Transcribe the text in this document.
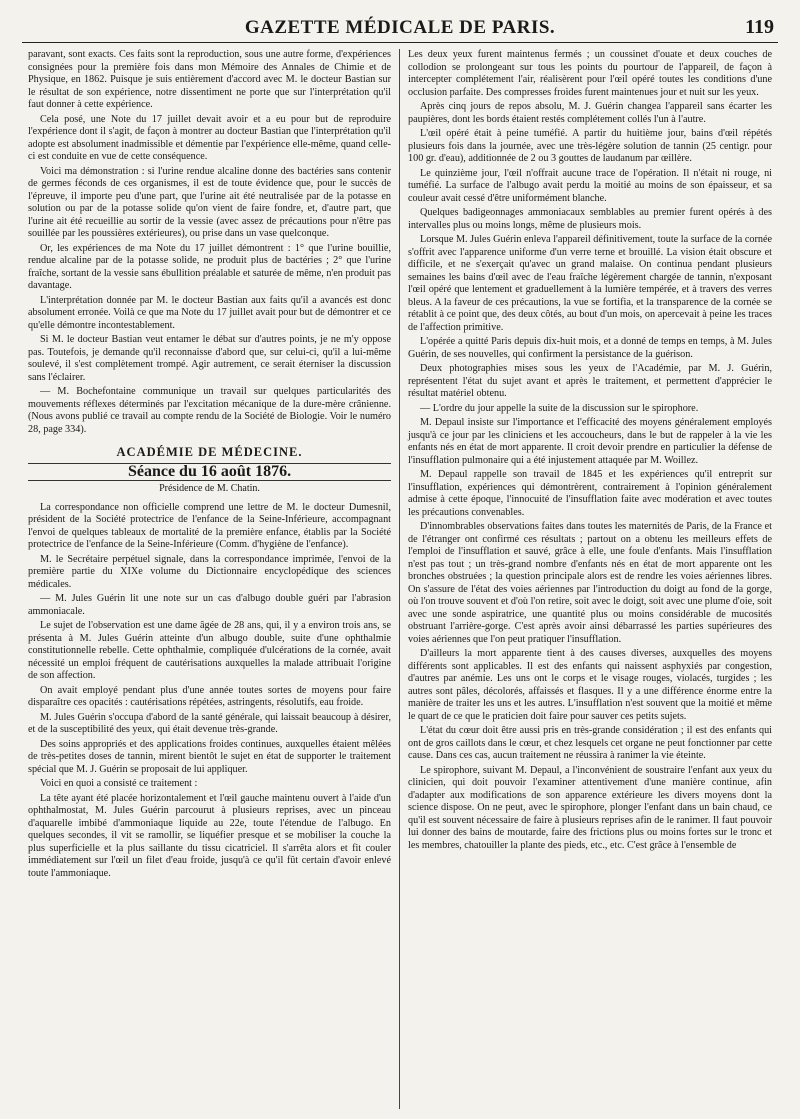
GAZETTE MÉDICALE DE PARIS.	119

paravant, sont exacts. Ces faits sont la reproduction, sous une autre forme, d'expériences consignées pour la première fois dans mon Mémoire des Annales de Chimie et de Physique, en 1862. Puisque je suis entièrement d'accord avec M. le docteur Bastian sur le résultat de son expérience, notre dissentiment ne porte que sur l'interprétation qu'il faut donner à cette expérience.

Cela posé, une Note du 17 juillet devait avoir et a eu pour but de reproduire l'expérience dont il s'agit, de façon à montrer au docteur Bastian que l'interprétation qu'il adopte est absolument inadmissible et démentie par l'expérience elle-même, quand celle-ci est conduite en vue de cette conséquence.

Voici ma démonstration : si l'urine rendue alcaline donne des bactéries sans contenir de germes féconds de ces organismes, il est de toute évidence que, pour le succès de l'épreuve, il importe peu d'une part, que l'urine ait été neutralisée par de la potasse en solution ou par de la potasse solide qu'on vient de faire fondre, et, d'autre part, que l'urine ait été recueillie au sortir de la vessie (avec assez de précautions pour n'être pas souillée par les poussières extérieures), ou prise dans un vase quelconque.

Or, les expériences de ma Note du 17 juillet démontrent : 1° que l'urine bouillie, rendue alcaline par de la potasse solide, ne produit plus de bactéries ; 2° que l'urine fraîche, sortant de la vessie sans ébullition préalable et saturée de même, n'en produit pas davantage.

L'interprétation donnée par M. le docteur Bastian aux faits qu'il a avancés est donc absolument erronée. Voilà ce que ma Note du 17 juillet avait pour but de démontrer et ce qu'elle démontre incontestablement.

Si M. le docteur Bastian veut entamer le débat sur d'autres points, je ne m'y oppose pas. Toutefois, je demande qu'il reconnaisse d'abord que, sur celui-ci, qu'il a lui-même soulevé, il s'est complètement trompé. Agir autrement, ce serait éterniser la discussion sans l'éclairer.

— M. Bochefontaine communique un travail sur quelques particularités des mouvements réflexes déterminés par l'excitation mécanique de la dure-mère crânienne. (Nous avons publié ce travail au compte rendu de la Société de Biologie. Voir le numéro 28, page 334).

ACADÉMIE DE MÉDECINE.
Séance du 16 août 1876.
Présidence de M. Chatin.

La correspondance non officielle comprend une lettre de M. le docteur Dumesnil, président de la Société protectrice de l'enfance de la Seine-Inférieure, accompagnant l'envoi de quelques tableaux de mortalité de la première enfance, établis par la Société protectrice de l'enfance de la Seine-Inférieure (Comm. d'hygiène de l'enfance).

M. le Secrétaire perpétuel signale, dans la correspondance imprimée, l'envoi de la première partie du XIXe volume du Dictionnaire encyclopédique des sciences médicales.

— M. Jules Guérin lit une note sur un cas d'albugo double guéri par l'abrasion ammoniacale.

Le sujet de l'observation est une dame âgée de 28 ans, qui, il y a environ trois ans, se présenta à M. Jules Guérin atteinte d'un albugo double, suite d'une ophthalmie constitutionnelle rebelle. Cette ophthalmie, compliquée d'ulcérations de la cornée, avait nécessité un emploi fréquent de cautérisations auxquelles la malade attribuait l'origine de son affection.

On avait employé pendant plus d'une année toutes sortes de moyens pour faire disparaître ces opacités : cautérisations répétées, astringents, résolutifs, eau froide.

M. Jules Guérin s'occupa d'abord de la santé générale, qui laissait beaucoup à désirer, et de la susceptibilité des yeux, qui était devenue très-grande.

Des soins appropriés et des applications froides continues, auxquelles étaient mêlées de très-petites doses de tannin, mirent bientôt le sujet en état de supporter le traitement spécial que M. J. Guérin se proposait de lui appliquer.

Voici en quoi a consisté ce traitement :

La tête ayant été placée horizontalement et l'œil gauche maintenu ouvert à l'aide d'un ophthalmostat, M. Jules Guérin parcourut à plusieurs reprises, avec un pinceau d'aquarelle imbibé d'ammoniaque liquide au 22e, toute l'étendue de l'albugo. En quelques secondes, il vit se ramollir, se liquéfier presque et se mobiliser la couche la plus superficielle et la plus saillante du tissu cicatriciel. Il s'arrêta alors et fit couler immédiatement sur l'œil un filet d'eau froide, jusqu'à ce qu'il fût certain d'avoir enlevé toute l'ammoniaque.

Les deux yeux furent maintenus fermés ; un coussinet d'ouate et deux couches de collodion se prolongeant sur tous les points du pourtour de l'appareil, de façon à intercepter complétement l'air, réalisèrent pour l'œil opéré toutes les conditions d'une occlusion parfaite. Des compresses froides furent maintenues jour et nuit sur les yeux.

Après cinq jours de repos absolu, M. J. Guérin changea l'appareil sans écarter les paupières, dont les bords étaient restés complétement collés l'un à l'autre.

L'œil opéré était à peine tuméfié. A partir du huitième jour, bains d'œil répétés plusieurs fois dans la journée, avec une très-légère solution de tannin (25 centigr. pour 100 gr. d'eau), additionnée de 2 ou 3 gouttes de laudanum par œillère.

Le quinzième jour, l'œil n'offrait aucune trace de l'opération. Il n'était ni rouge, ni tuméfié. La surface de l'albugo avait perdu la moitié au moins de son épaisseur, et sa couleur avait cessé d'être uniformément blanche.

Quelques badigeonnages ammoniacaux semblables au premier furent opérés à des intervalles plus ou moins longs, même de plusieurs mois.

Lorsque M. Jules Guérin enleva l'appareil définitivement, toute la surface de la cornée s'offrit avec l'apparence uniforme d'un verre terne et brouillé. La vision était obscure et difficile, et ne s'exerçait qu'avec un grand malaise. On continua pendant plusieurs semaines les bains d'œil avec de l'eau fraîche légèrement chargée de tannin, n'exposant l'œil opéré que lentement et graduellement à la lumière tempérée, et à travers des verres bleus. A la faveur de ces précautions, la vue se fortifia, et la transparence de la cornée se rétablit à ce point que, des deux côtés, au bout d'un mois, on apercevait à peine les traces de l'affection primitive.

L'opérée a quitté Paris depuis dix-huit mois, et a donné de temps en temps, à M. Jules Guérin, de ses nouvelles, qui confirment la persistance de la guérison.

Deux photographies mises sous les yeux de l'Académie, par M. J. Guérin, représentent l'état du sujet avant et après le traitement, et permettent d'apprécier le résultat matériel obtenu.

— L'ordre du jour appelle la suite de la discussion sur le spirophore.

M. Depaul insiste sur l'importance et l'efficacité des moyens généralement employés jusqu'à ce jour par les cliniciens et les accoucheurs, dans le but de rappeler à la vie les enfants nés en état de mort apparente. Il croit devoir prendre en particulier la défense de l'insufflation pulmonaire qui a été injustement attaquée par M. Woillez.

M. Depaul rappelle son travail de 1845 et les expériences qu'il entreprit sur l'insufflation, expériences qui démontrèrent, contrairement à l'opinion généralement admise à cette époque, l'innocuité de l'insufflation faite avec modération et avec toutes les précautions convenables.

D'innombrables observations faites dans toutes les maternités de Paris, de la France et de l'étranger ont confirmé ces résultats ; partout on a obtenu les meilleurs effets de l'emploi de l'insufflation et sauvé, grâce à elle, une foule d'enfants. Mais l'insufflation n'est pas tout ; un très-grand nombre d'enfants nés en état de mort apparente ont les bronches obstruées ; la question principale alors est de rendre les voies aériennes libres. On s'assure de l'état des voies aériennes par l'introduction du doigt au fond de la gorge, où l'on trouve souvent et d'où l'on retire, soit avec le doigt, soit avec une plume d'oie, soit avec une sonde aspiratrice, une quantité plus ou moins considérable de mucosités obstruant l'arrière-gorge. C'est après avoir ainsi débarrassé les parties supérieures des voies aériennes que l'on peut pratiquer l'insufflation.

D'ailleurs la mort apparente tient à des causes diverses, auxquelles des moyens différents sont applicables. Il est des enfants qui naissent asphyxiés par congestion, d'autres par anémie. Les uns ont le corps et le visage rouges, violacés, turgides ; les autres sont pâles, décolorés, affaissés et flasques. Il y a une différence énorme entre la manière de traiter les uns et les autres. L'insufflation n'est souvent que la moitié et même le quart de ce que le praticien doit faire pour sauver ces petits sujets.

L'état du cœur doit être aussi pris en très-grande considération ; il est des enfants qui ont de gros caillots dans le cœur, et chez lesquels cet organe ne peut fonctionner par cette cause. Dans ces cas, aucun traitement ne réussira à ranimer la vie éteinte.

Le spirophore, suivant M. Depaul, a l'inconvénient de soustraire l'enfant aux yeux du clinicien, qui doit pouvoir l'examiner attentivement d'une manière continue, afin d'adapter aux modifications de son apparence extérieure les divers moyens dont la science dispose. On ne peut, avec le spirophore, plonger l'enfant dans un bain chaud, ce qu'il est souvent nécessaire de faire à plusieurs reprises afin de le ranimer. Il faut pouvoir lui donner des bains de moutarde, faire des frictions plus ou moins fortes sur le tronc et les membres, chatouiller la plante des pieds, etc., etc. C'est grâce à l'ensemble de
